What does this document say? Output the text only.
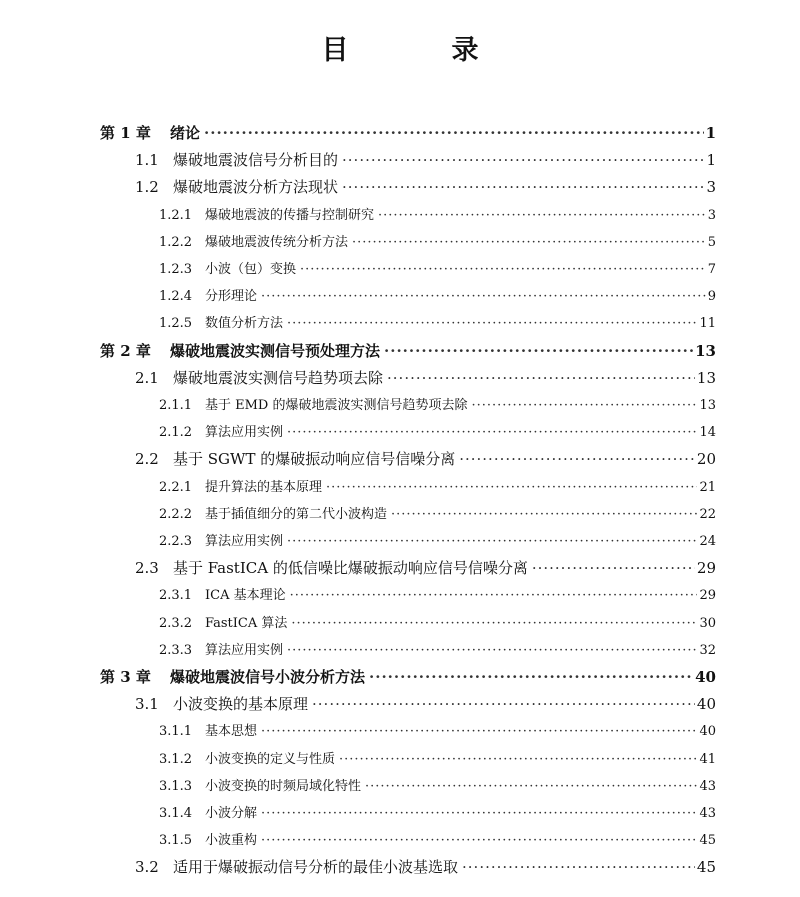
目　录
第 1 章	绪论 ·····	1
1.1 爆破地震波信号分析目的 ·····	1
1.2 爆破地震波分析方法现状 ·····	3
1.2.1 爆破地震波的传播与控制研究 ·····	3
1.2.2 爆破地震波传统分析方法 ·····	5
1.2.3 小波（包）变换 ·····	7
1.2.4 分形理论 ·····	9
1.2.5 数值分析方法 ·····	11
第 2 章	爆破地震波实测信号预处理方法 ·····	13
2.1 爆破地震波实测信号趋势项去除 ·····	13
2.1.1 基于 EMD 的爆破地震波实测信号趋势项去除 ·····	13
2.1.2 算法应用实例 ·····	14
2.2 基于 SGWT 的爆破振动响应信号信噪分离 ·····	20
2.2.1 提升算法的基本原理 ·····	21
2.2.2 基于插值细分的第二代小波构造 ·····	22
2.2.3 算法应用实例 ·····	24
2.3 基于 FastICA 的低信噪比爆破振动响应信号信噪分离 ·····	29
2.3.1 ICA 基本理论 ·····	29
2.3.2 FastICA 算法 ·····	30
2.3.3 算法应用实例 ·····	32
第 3 章	爆破地震波信号小波分析方法 ·····	40
3.1 小波变换的基本原理 ·····	40
3.1.1 基本思想 ·····	40
3.1.2 小波变换的定义与性质 ·····	41
3.1.3 小波变换的时频局域化特性 ·····	43
3.1.4 小波分解 ·····	43
3.1.5 小波重构 ·····	45
3.2 适用于爆破振动信号分析的最佳小波基选取 ·····	45
